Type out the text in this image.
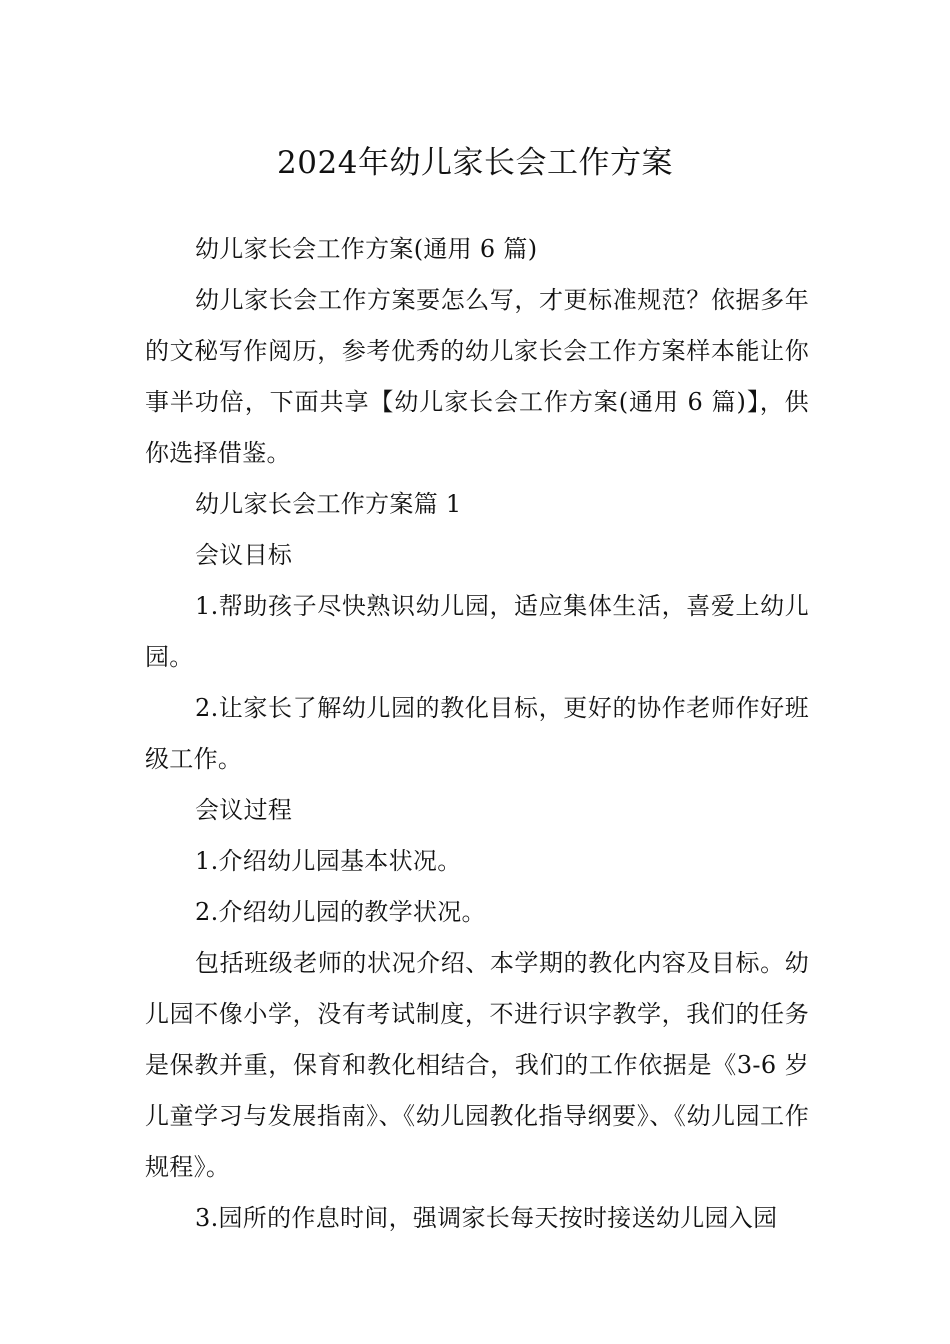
2024年幼儿家长会工作方案

幼儿家长会工作方案(通用 6 篇)

幼儿家长会工作方案要怎么写，才更标准规范？依据多年的文秘写作阅历，参考优秀的幼儿家长会工作方案样本能让你事半功倍，下面共享【幼儿家长会工作方案(通用 6 篇)】，供你选择借鉴。

幼儿家长会工作方案篇 1

会议目标

1.帮助孩子尽快熟识幼儿园，适应集体生活，喜爱上幼儿园。

2.让家长了解幼儿园的教化目标，更好的协作老师作好班级工作。

会议过程

1.介绍幼儿园基本状况。

2.介绍幼儿园的教学状况。

包括班级老师的状况介绍、本学期的教化内容及目标。幼儿园不像小学，没有考试制度，不进行识字教学，我们的任务是保教并重，保育和教化相结合，我们的工作依据是《3-6 岁儿童学习与发展指南》、《幼儿园教化指导纲要》、《幼儿园工作规程》。

3.园所的作息时间，强调家长每天按时接送幼儿园入园
